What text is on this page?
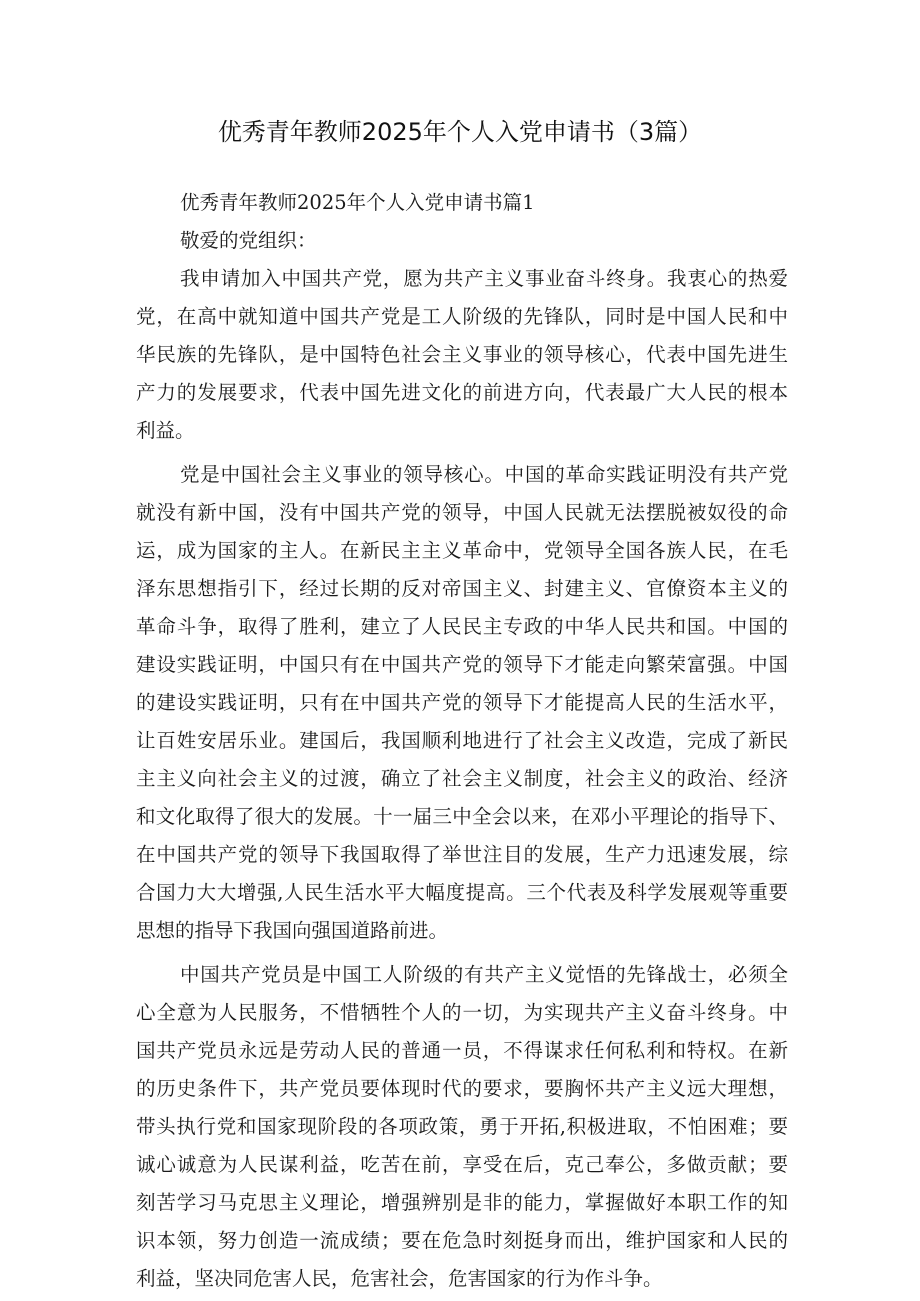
优秀青年教师2025年个人入党申请书（3篇）
优秀青年教师2025年个人入党申请书篇1
敬爱的党组织：
我申请加入中国共产党，愿为共产主义事业奋斗终身。我衷心的热爱
党，在高中就知道中国共产党是工人阶级的先锋队，同时是中国人民和中
华民族的先锋队，是中国特色社会主义事业的领导核心，代表中国先进生
产力的发展要求，代表中国先进文化的前进方向，代表最广大人民的根本
利益。
党是中国社会主义事业的领导核心。中国的革命实践证明没有共产党
就没有新中国，没有中国共产党的领导，中国人民就无法摆脱被奴役的命
运，成为国家的主人。在新民主主义革命中，党领导全国各族人民，在毛
泽东思想指引下，经过长期的反对帝国主义、封建主义、官僚资本主义的
革命斗争，取得了胜利，建立了人民民主专政的中华人民共和国。中国的
建设实践证明，中国只有在中国共产党的领导下才能走向繁荣富强。中国
的建设实践证明，只有在中国共产党的领导下才能提高人民的生活水平，
让百姓安居乐业。建国后，我国顺利地进行了社会主义改造，完成了新民
主主义向社会主义的过渡，确立了社会主义制度，社会主义的政治、经济
和文化取得了很大的发展。十一届三中全会以来，在邓小平理论的指导下、
在中国共产党的领导下我国取得了举世注目的发展，生产力迅速发展，综
合国力大大增强,人民生活水平大幅度提高。三个代表及科学发展观等重要
思想的指导下我国向强国道路前进。
中国共产党员是中国工人阶级的有共产主义觉悟的先锋战士，必须全
心全意为人民服务，不惜牺牲个人的一切，为实现共产主义奋斗终身。中
国共产党员永远是劳动人民的普通一员，不得谋求任何私利和特权。在新
的历史条件下，共产党员要体现时代的要求，要胸怀共产主义远大理想，
带头执行党和国家现阶段的各项政策，勇于开拓,积极进取，不怕困难；要
诚心诚意为人民谋利益，吃苦在前，享受在后，克己奉公，多做贡献；要
刻苦学习马克思主义理论，增强辨别是非的能力，掌握做好本职工作的知
识本领，努力创造一流成绩；要在危急时刻挺身而出，维护国家和人民的
利益，坚决同危害人民，危害社会，危害国家的行为作斗争。
